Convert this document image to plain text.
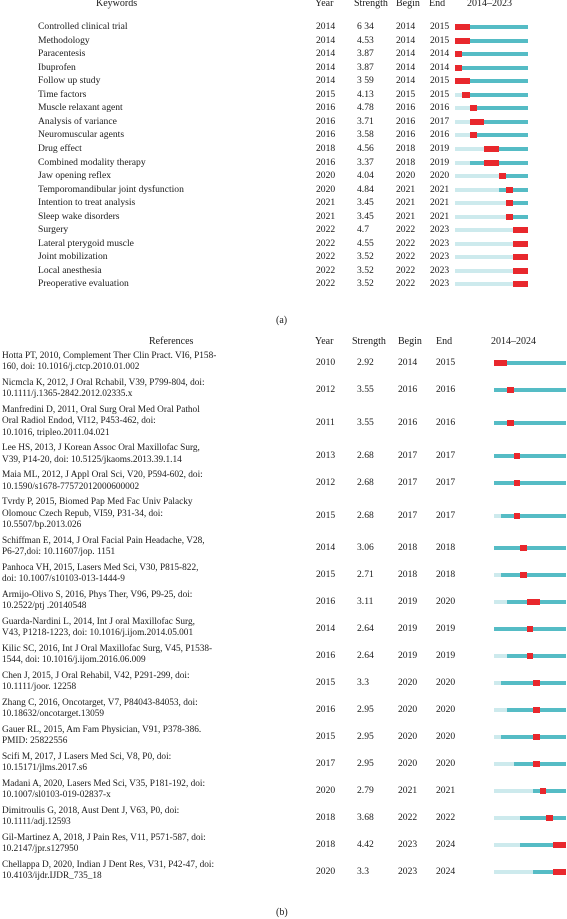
Keywords	Year Strength Begin End 2014–2023
Controlled clinical trial	2014 6 34 2014 2015
Methodology	2014 4.53 2014 2015
Paracentesis	2014 3.87 2014 2014
Ibuprofen	2014 3.87 2014 2014
Follow up study	2014 3 59 2014 2015
Time factors	2015 4.13 2015 2015
Muscle relaxant agent	2016 4.78 2016 2016
Analysis of variance	2016 3.71 2016 2017
Neuromuscular agents	2016 3.58 2016 2016
Drug effect	2018 4.56 2018 2019
Combined modality therapy	2016 3.37 2018 2019
Jaw opening reflex	2020 4.04 2020 2020
Temporomandibular joint dysfunction	2020 4.84 2021 2021
Intention to treat analysis	2021 3.45 2021 2021
Sleep wake disorders	2021 3.45 2021 2021
Surgery	2022 4.7	2022 2023
Lateral pterygoid muscle	2022 4.55 2022 2023
Joint mobilization	2022 3.52 2022 2023
Local anesthesia	2022 3.52 2022 2023
Preoperative evaluation	2022 3.52 2022 2023
(a)
References	Year Strength Begin End	2014–2024
Hotta PT, 2010, Complement Ther Clin Pract. VI6, P158-
160, doi: 10.1016/j.ctcp.2010.01.002	2010 2.92	2014 2015
Nicmcla K, 2012, J Oral Rchabil, V39, P799-804, doi:
10.1111/j.1365-2842.2012.02335.x	2012 3.55	2016 2016
Manfredini D, 2011, Oral Surg Oral Med Oral Pathol
Oral Radiol Endod, VI12, P453-462, doi:
10.1016, tripleo.2011.04.021
2011 3.55	2016 2016
Lee HS, 2013, J Korean Assoc Oral Maxillofac Surg,
V39, P14-20, doi: 10.5125/jkaoms.2013.39.1.14	2013 2.68	2017 2017
Maia ML, 2012, J Appl Oral Sci, V20, P594-602, doi:
10.1590/s1678-77572012000600002	2012 2.68	2017 2017
Tvrdy P, 2015, Biomed Pap Med Fac Univ Palacky
Olomouc Czech Repub, VI59, P31-34, doi:
10.5507/bp.2013.026
2015 2.68	2017 2017
Schiffman E, 2014, J Oral Facial Pain Headache, V28,
P6-27,doi: 10.11607/jop. 1151	2014 3.06	2018 2018
Panhoca VH, 2015, Lasers Med Sci, V30, P815-822,
doi: 10.1007/s10103-013-1444-9	2015 2.71	2018 2018
Armijo-Olivo S, 2016, Phys Ther, V96, P9-25, doi:
10.2522/ptj .20140548	2016 3.11	2019 2020
Guarda-Nardini L, 2014, Int J oral Maxillofac Surg,
V43, P1218-1223, doi: 10.1016/j.ijom.2014.05.001	2014 2.64	2019 2019
Kilic SC, 2016, Int J Oral Maxillofac Surg, V45, P1538-
1544, doi: 10.1016/j.ijom.2016.06.009	2016 2.64	2019 2019
Chen J, 2015, J Oral Rehabil, V42, P291-299, doi:
10.1111/joor. 12258	2015 3.3	2020 2020
Zhang C, 2016, Oncotarget, V7, P84043-84053, doi:
10.18632/oncotarget.13059	2016 2.95	2020 2020
Gauer RL, 2015, Am Fam Physician, V91, P378-386.
PMID: 25822556	2015 2.95	2020 2020
Scifi M, 2017, J Lasers Med Sci, V8, P0, doi:
10.15171/jlms.2017.s6	2017 2.95	2020 2020
Madani A, 2020, Lasers Med Sci, V35, P181-192, doi:
10.1007/sl0103-019-02837-x	2020 2.79	2021 2021
Dimitroulis G, 2018, Aust Dent J, V63, P0, doi:
10.1111/adj.12593	2018 3.68	2022 2022
Gil-Martinez A, 2018, J Pain Res, V11, P571-587, doi:
10.2147/jpr.s127950	2018 4.42	2023 2024
Chellappa D, 2020, Indian J Dent Res, V31, P42-47, doi:
10.4103/ijdr.IJDR_735_18	2020 3.3	2023 2024
(b)
